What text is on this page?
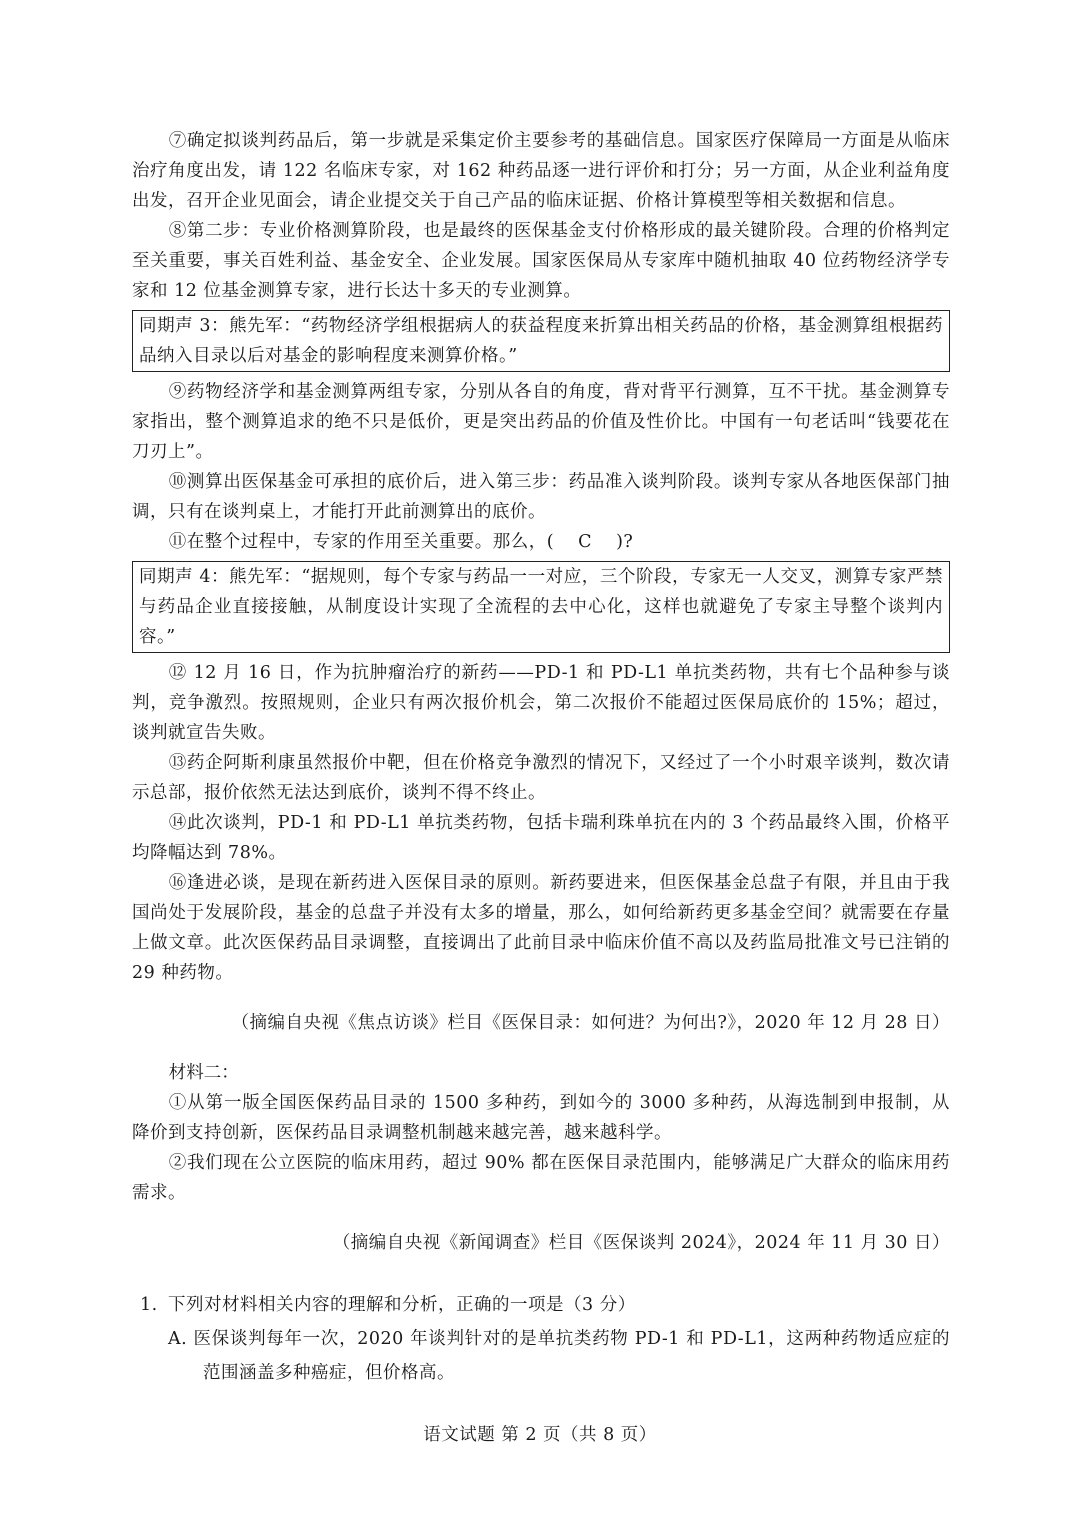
⑦确定拟谈判药品后，第一步就是采集定价主要参考的基础信息。国家医疗保障局一方面是从临床治疗角度出发，请 122 名临床专家，对 162 种药品逐一进行评价和打分；另一方面，从企业利益角度出发，召开企业见面会，请企业提交关于自己产品的临床证据、价格计算模型等相关数据和信息。

⑧第二步：专业价格测算阶段，也是最终的医保基金支付价格形成的最关键阶段。合理的价格判定至关重要，事关百姓利益、基金安全、企业发展。国家医保局从专家库中随机抽取 40 位药物经济学专家和 12 位基金测算专家，进行长达十多天的专业测算。

同期声 3：熊先军：“药物经济学组根据病人的获益程度来折算出相关药品的价格，基金测算组根据药品纳入目录以后对基金的影响程度来测算价格。”

⑨药物经济学和基金测算两组专家，分别从各自的角度，背对背平行测算，互不干扰。基金测算专家指出，整个测算追求的绝不只是低价，更是突出药品的价值及性价比。中国有一句老话叫“钱要花在刀刃上”。

⑩测算出医保基金可承担的底价后，进入第三步：药品准入谈判阶段。谈判专家从各地医保部门抽调，只有在谈判桌上，才能打开此前测算出的底价。

⑪在整个过程中，专家的作用至关重要。那么，(　 C　 )?

同期声 4：熊先军：“据规则，每个专家与药品一一对应，三个阶段，专家无一人交叉，测算专家严禁与药品企业直接接触，从制度设计实现了全流程的去中心化，这样也就避免了专家主导整个谈判内容。”

⑫ 12 月 16 日，作为抗肿瘤治疗的新药——PD-1 和 PD-L1 单抗类药物，共有七个品种参与谈判，竞争激烈。按照规则，企业只有两次报价机会，第二次报价不能超过医保局底价的 15%；超过，谈判就宣告失败。

⑬药企阿斯利康虽然报价中靶，但在价格竞争激烈的情况下，又经过了一个小时艰辛谈判，数次请示总部，报价依然无法达到底价，谈判不得不终止。

⑭此次谈判，PD-1 和 PD-L1 单抗类药物，包括卡瑞利珠单抗在内的 3 个药品最终入围，价格平均降幅达到 78%。

⑯逢进必谈，是现在新药进入医保目录的原则。新药要进来，但医保基金总盘子有限，并且由于我国尚处于发展阶段，基金的总盘子并没有太多的增量，那么，如何给新药更多基金空间？就需要在存量上做文章。此次医保药品目录调整，直接调出了此前目录中临床价值不高以及药监局批准文号已注销的 29 种药物。

（摘编自央视《焦点访谈》栏目《医保目录：如何进？为何出?》，2020 年 12 月 28 日）

材料二：

①从第一版全国医保药品目录的 1500 多种药，到如今的 3000 多种药，从海选制到申报制，从降价到支持创新，医保药品目录调整机制越来越完善，越来越科学。

②我们现在公立医院的临床用药，超过 90% 都在医保目录范围内，能够满足广大群众的临床用药需求。

（摘编自央视《新闻调查》栏目《医保谈判 2024》，2024 年 11 月 30 日）

1. 下列对材料相关内容的理解和分析，正确的一项是（3 分）

A. 医保谈判每年一次，2020 年谈判针对的是单抗类药物 PD-1 和 PD-L1，这两种药物适应症的范围涵盖多种癌症，但价格高。

语文试题 第 2 页（共 8 页）
